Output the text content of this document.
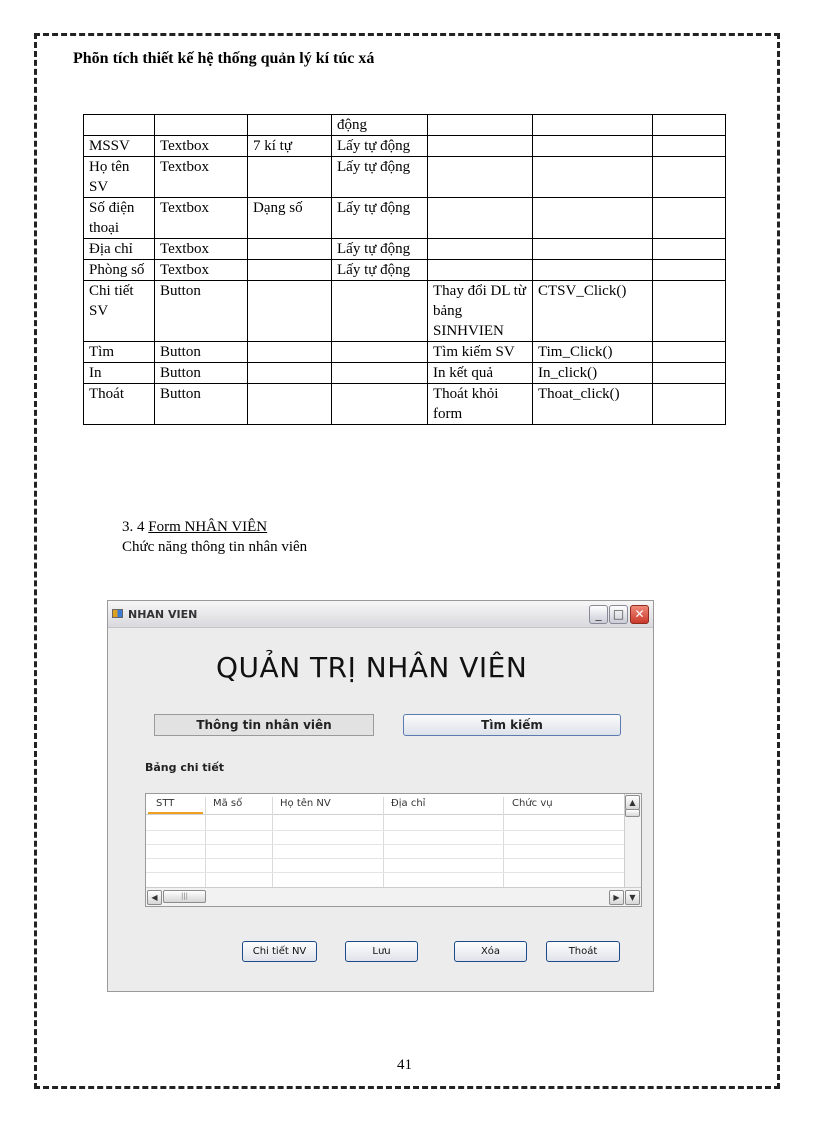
Phõn tích thiết kế hệ thống quản lý kí túc xá
			động			
MSSV	Textbox	7 kí tự	Lấy tự động			
Họ tên SV	Textbox		Lấy tự động			
Số điện thoại	Textbox	Dạng số	Lấy tự động			
Địa chỉ	Textbox		Lấy tự động			
Phòng số	Textbox		Lấy tự động			
Chi tiết SV	Button			Thay đổi DL từ bảng SINHVIEN	CTSV_Click()	
Tìm	Button			Tìm kiếm SV	Tim_Click()	
In	Button			In kết quả	In_click()	
Thoát	Button			Thoát khỏi form	Thoat_click()	
3. 4 Form NHÂN VIÊN
Chức năng thông tin nhân viên
NHAN VIEN	_ □ ✕
QUẢN TRỊ NHÂN VIÊN
Thông tin nhân viên	Tìm kiếm
Bảng chi tiết
STT	Mã số	Họ tên NV	Địa chỉ	Chức vụ	▲
◀	|||	▶	▼
Chi tiết NV	Lưu	Xóa	Thoát
41
